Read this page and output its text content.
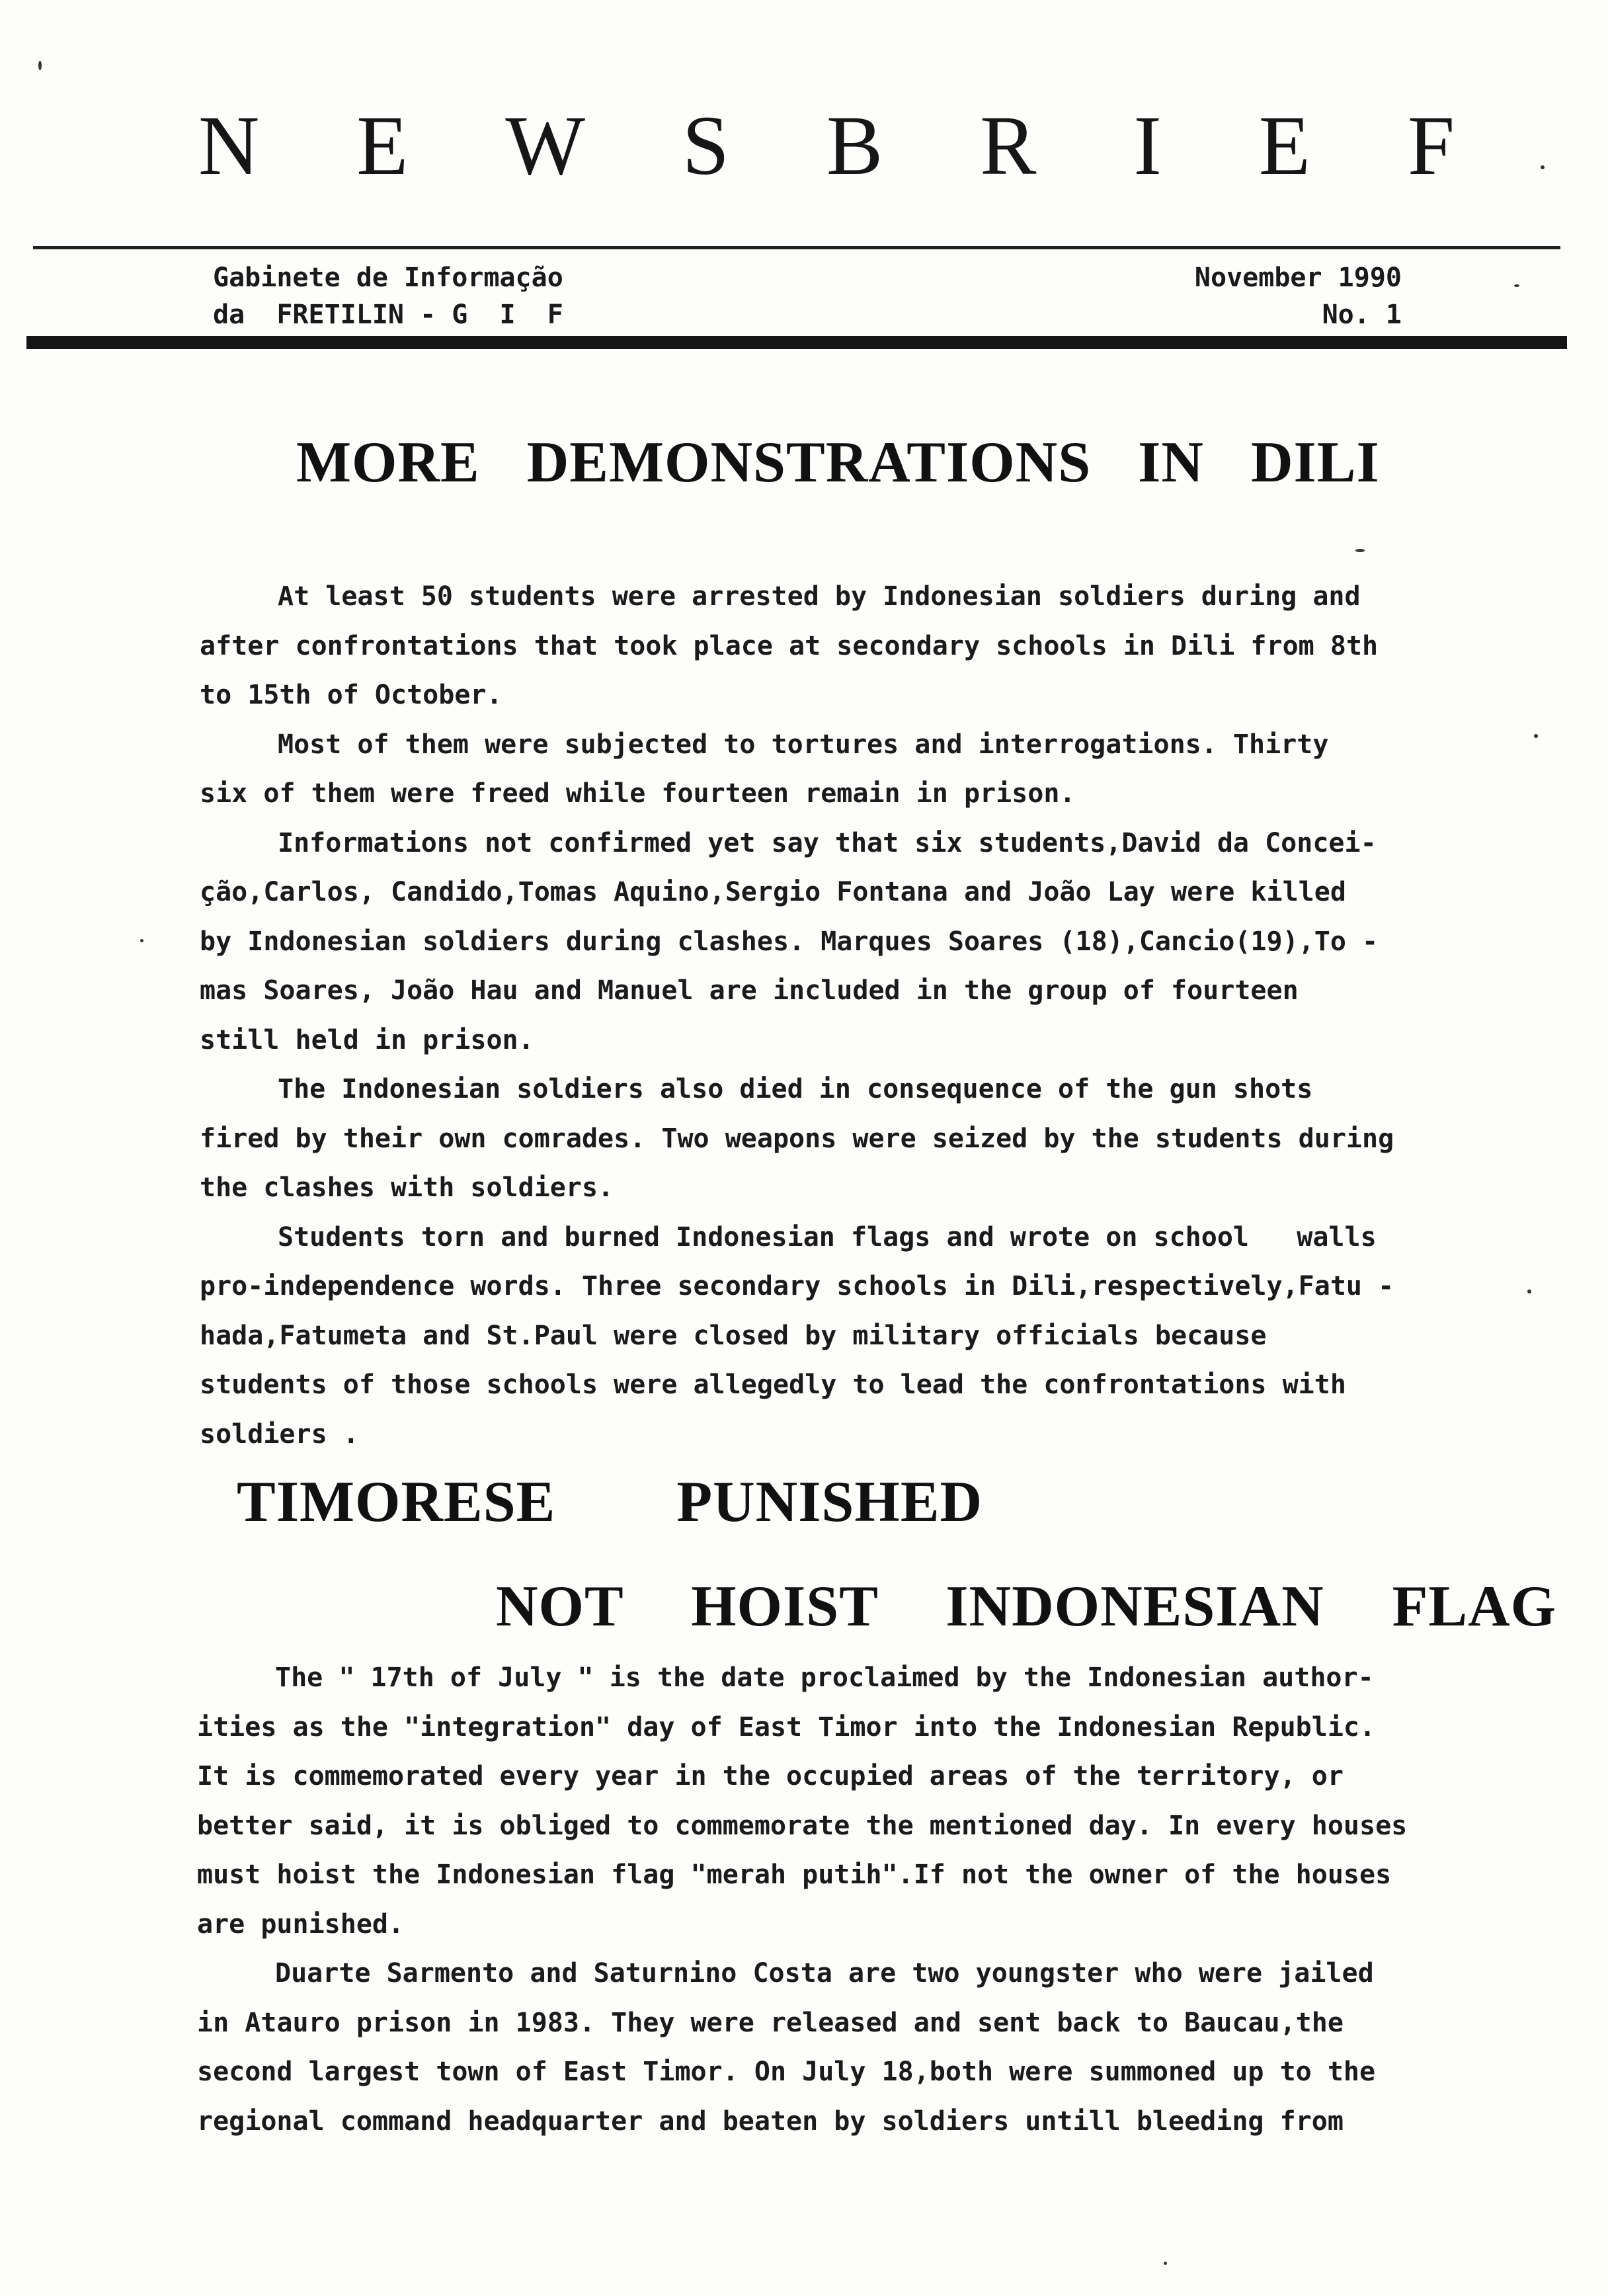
N E W S B R I E F
Gabinete de Informação
da  FRETILIN - G  I  F
November 1990
No. 1
MORE DEMONSTRATIONS IN DILI
At least 50 students were arrested by Indonesian soldiers during and
after confrontations that took place at secondary schools in Dili from 8th
to 15th of October.
Most of them were subjected to tortures and interrogations. Thirty
six of them were freed while fourteen remain in prison.
Informations not confirmed yet say that six students,David da Concei-
ção,Carlos, Candido,Tomas Aquino,Sergio Fontana and João Lay were killed
by Indonesian soldiers during clashes. Marques Soares (18),Cancio(19),To -
mas Soares, João Hau and Manuel are included in the group of fourteen
still held in prison.
The Indonesian soldiers also died in consequence of the gun shots
fired by their own comrades. Two weapons were seized by the students during
the clashes with soldiers.
Students torn and burned Indonesian flags and wrote on school   walls
pro-independence words. Three secondary schools in Dili,respectively,Fatu -
hada,Fatumeta and St.Paul were closed by military officials because
students of those schools were allegedly to lead the confrontations with
soldiers .
TIMORESE PUNISHED
NOT HOIST INDONESIAN FLAG
The " 17th of July " is the date proclaimed by the Indonesian author-
ities as the "integration" day of East Timor into the Indonesian Republic.
It is commemorated every year in the occupied areas of the territory, or
better said, it is obliged to commemorate the mentioned day. In every houses
must hoist the Indonesian flag "merah putih".If not the owner of the houses
are punished.
Duarte Sarmento and Saturnino Costa are two youngster who were jailed
in Atauro prison in 1983. They were released and sent back to Baucau,the
second largest town of East Timor. On July 18,both were summoned up to the
regional command headquarter and beaten by soldiers untill bleeding from
